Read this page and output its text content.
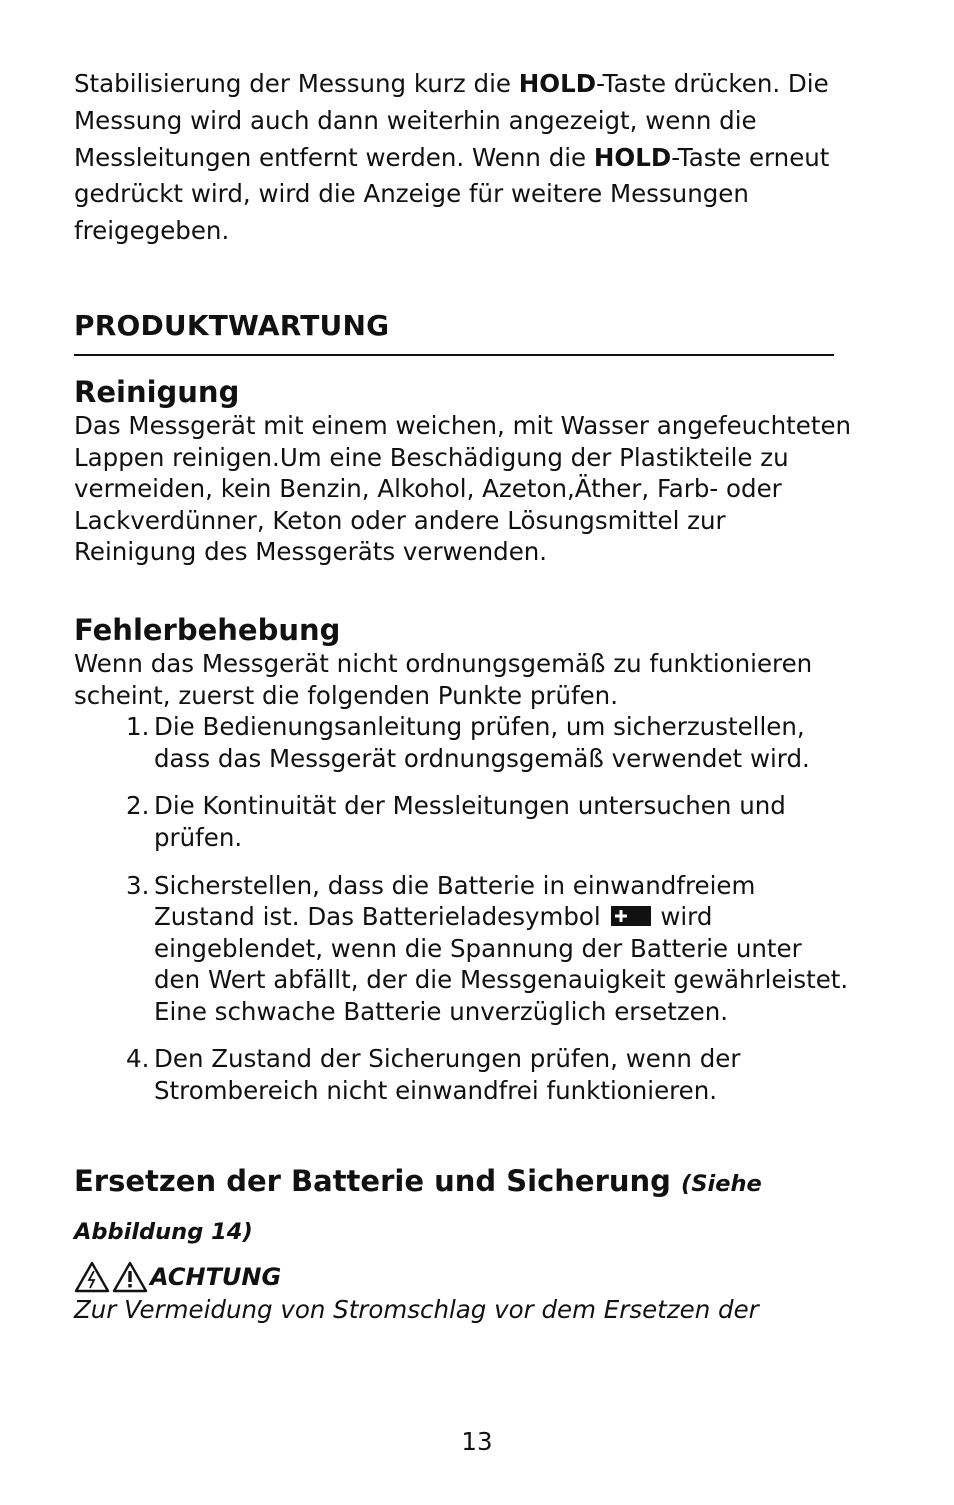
Stabilisierung der Messung kurz die HOLD-Taste drücken. Die Messung wird auch dann weiterhin angezeigt, wenn die Messleitungen entfernt werden. Wenn die HOLD-Taste erneut gedrückt wird, wird die Anzeige für weitere Messungen freigegeben.

PRODUKTWARTUNG
Reinigung

Das Messgerät mit einem weichen, mit Wasser angefeuchteten Lappen reinigen.Um eine Beschädigung der Plastikteile zu vermeiden, kein Benzin, Alkohol, Azeton,Äther, Farb- oder Lackverdünner, Keton oder andere Lösungsmittel zur Reinigung des Messgeräts verwenden.

Fehlerbehebung

Wenn das Messgerät nicht ordnungsgemäß zu funktionieren scheint, zuerst die folgenden Punkte prüfen.

1. Die Bedienungsanleitung prüfen, um sicherzustellen, dass das Messgerät ordnungsgemäß verwendet wird.
2. Die Kontinuität der Messleitungen untersuchen und prüfen.
3. Sicherstellen, dass die Batterie in einwandfreiem Zustand ist. Das Batterieladesymbol wird eingeblendet, wenn die Spannung der Batterie unter den Wert abfällt, der die Messgenauigkeit gewährleistet. Eine schwache Batterie unverzüglich ersetzen.
4. Den Zustand der Sicherungen prüfen, wenn der Strombereich nicht einwandfrei funktionieren.
Ersetzen der Batterie und Sicherung (Siehe

Abbildung 14)

ACHTUNG

Zur Vermeidung von Stromschlag vor dem Ersetzen der

13
